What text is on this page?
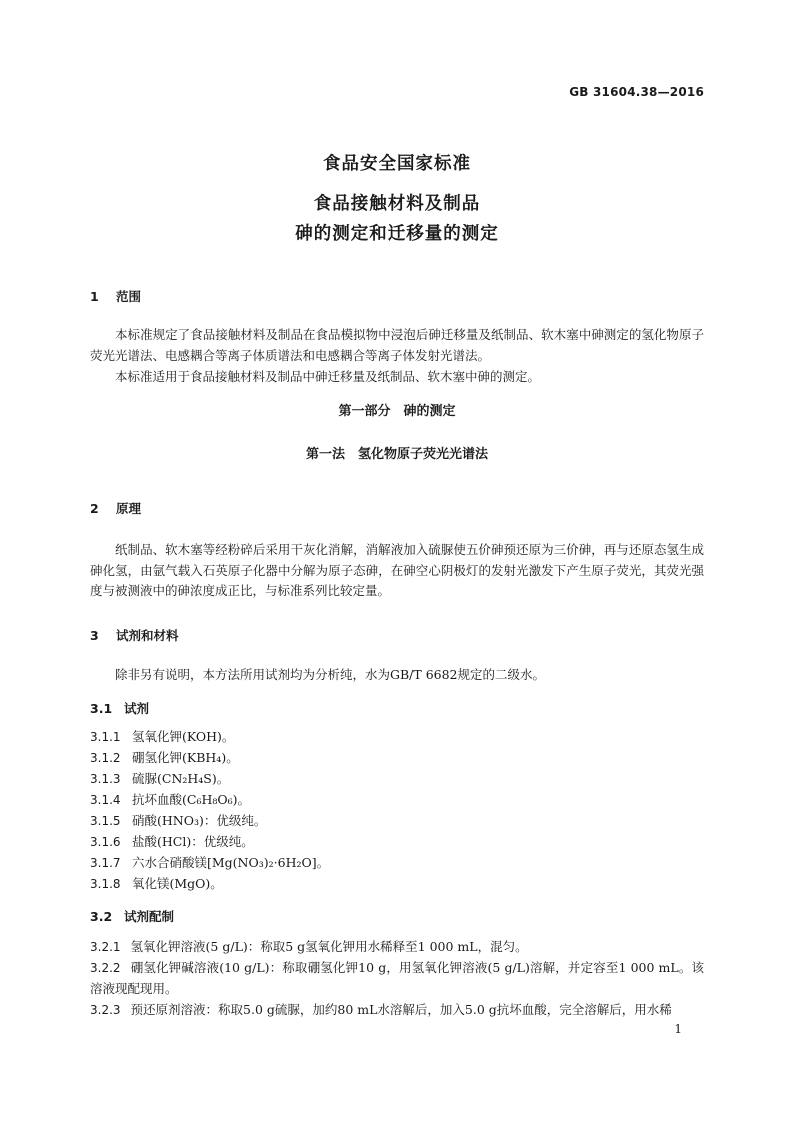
GB 31604.38—2016
食品安全国家标准
食品接触材料及制品
砷的测定和迁移量的测定
1 范围
本标准规定了食品接触材料及制品在食品模拟物中浸泡后砷迁移量及纸制品、软木塞中砷测定的氢化物原子荧光光谱法、电感耦合等离子体质谱法和电感耦合等离子体发射光谱法。
本标准适用于食品接触材料及制品中砷迁移量及纸制品、软木塞中砷的测定。
第一部分　砷的测定
第一法　氢化物原子荧光光谱法
2 原理
纸制品、软木塞等经粉碎后采用干灰化消解，消解液加入硫脲使五价砷预还原为三价砷，再与还原态氢生成砷化氢，由氩气载入石英原子化器中分解为原子态砷，在砷空心阴极灯的发射光激发下产生原子荧光，其荧光强度与被测液中的砷浓度成正比，与标准系列比较定量。
3 试剂和材料
除非另有说明，本方法所用试剂均为分析纯，水为GB/T 6682规定的二级水。
3.1 试剂
3.1.1 氢氧化钾(KOH)。
3.1.2 硼氢化钾(KBH₄)。
3.1.3 硫脲(CN₂H₄S)。
3.1.4 抗坏血酸(C₆H₈O₆)。
3.1.5 硝酸(HNO₃)：优级纯。
3.1.6 盐酸(HCl)：优级纯。
3.1.7 六水合硝酸镁[Mg(NO₃)₂·6H₂O]。
3.1.8 氧化镁(MgO)。
3.2 试剂配制
3.2.1 氢氧化钾溶液(5 g/L)：称取5 g氢氧化钾用水稀释至1 000 mL，混匀。
3.2.2 硼氢化钾碱溶液(10 g/L)：称取硼氢化钾10 g，用氢氧化钾溶液(5 g/L)溶解，并定容至1 000 mL。该溶液现配现用。
3.2.3 预还原剂溶液：称取5.0 g硫脲，加约80 mL水溶解后，加入5.0 g抗坏血酸，完全溶解后，用水稀
1
